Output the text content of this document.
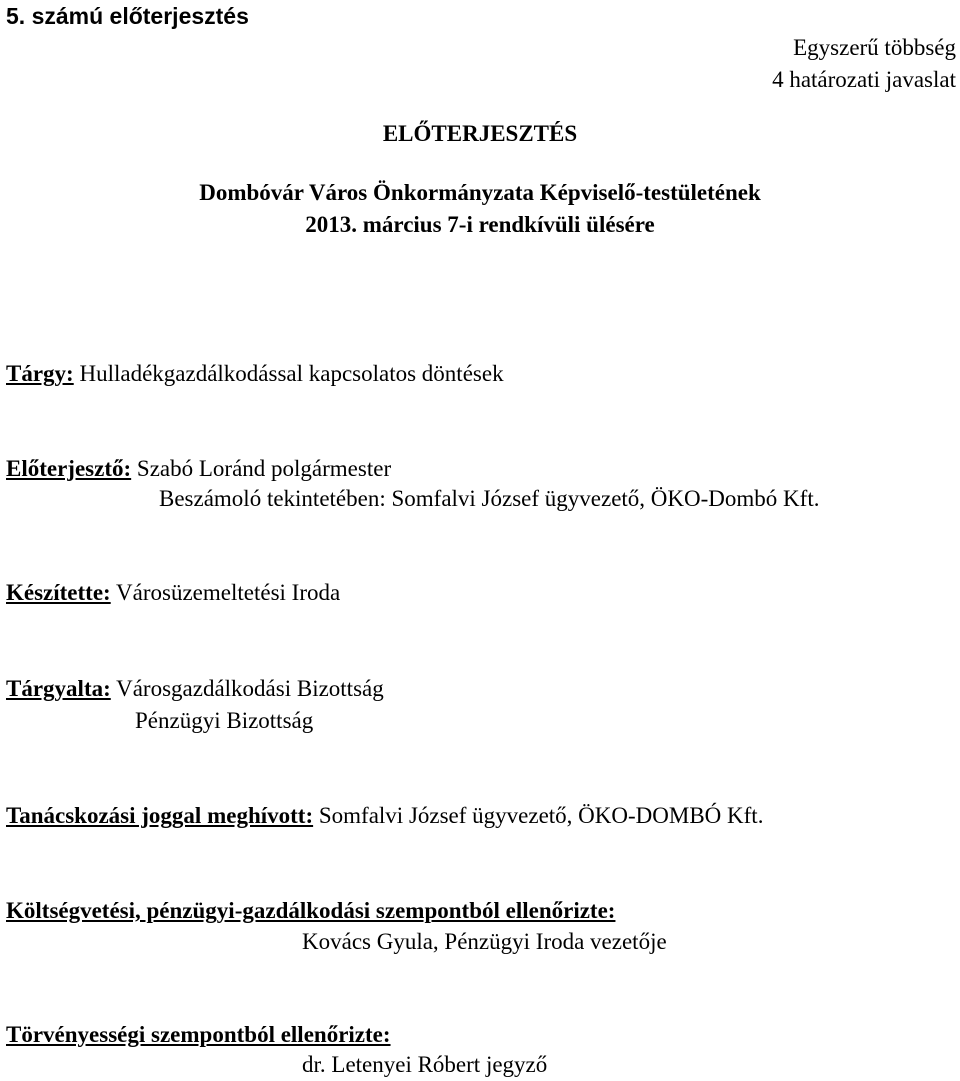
5. számú előterjesztés
Egyszerű többség
4 határozati javaslat
ELŐTERJESZTÉS
Dombóvár Város Önkormányzata Képviselő-testületének
2013. március 7-i rendkívüli ülésére
Tárgy: Hulladékgazdálkodással kapcsolatos döntések
Előterjesztő: Szabó Loránd polgármester
Beszámoló tekintetében: Somfalvi József ügyvezető, ÖKO-Dombó Kft.
Készítette: Városüzemeltetési Iroda
Tárgyalta: Városgazdálkodási Bizottság
Pénzügyi Bizottság
Tanácskozási joggal meghívott: Somfalvi József ügyvezető, ÖKO-DOMBÓ Kft.
Költségvetési, pénzügyi-gazdálkodási szempontból ellenőrizte:
Kovács Gyula, Pénzügyi Iroda vezetője
Törvényességi szempontból ellenőrizte:
dr. Letenyei Róbert jegyző
